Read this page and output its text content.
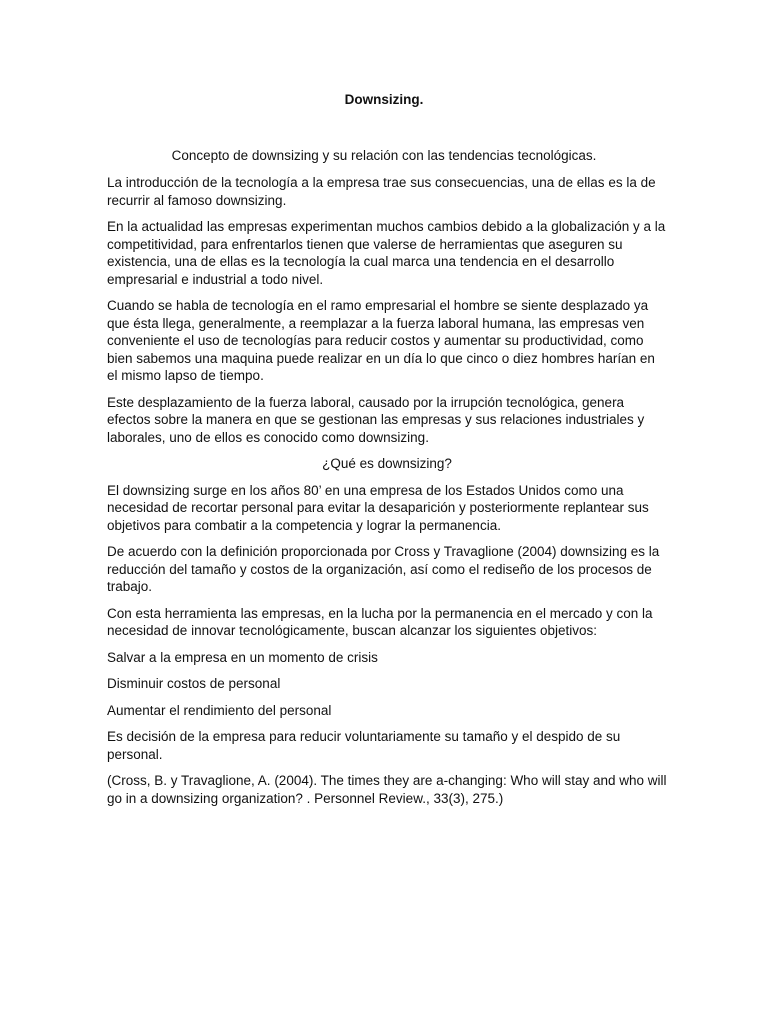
Downsizing.

Concepto de downsizing y su relación con las tendencias tecnológicas.

La introducción de la tecnología a la empresa trae sus consecuencias, una de ellas es la de recurrir al famoso downsizing.

En la actualidad las empresas experimentan muchos cambios debido a la globalización y a la competitividad, para enfrentarlos tienen que valerse de herramientas que aseguren su existencia, una de ellas es la tecnología la cual marca una tendencia en el desarrollo empresarial e industrial a todo nivel.

Cuando se habla de tecnología en el ramo empresarial el hombre se siente desplazado ya que ésta llega, generalmente, a reemplazar a la fuerza laboral humana, las empresas ven conveniente el uso de tecnologías para reducir costos y aumentar su productividad, como bien sabemos una maquina puede realizar en un día lo que cinco o diez hombres harían en el mismo lapso de tiempo.

Este desplazamiento de la fuerza laboral, causado por la irrupción tecnológica, genera efectos sobre la manera en que se gestionan las empresas y sus relaciones industriales y laborales, uno de ellos es conocido como downsizing.

¿Qué es downsizing?

El downsizing surge en los años 80’ en una empresa de los Estados Unidos como una necesidad de recortar personal para evitar la desaparición y posteriormente replantear sus objetivos para combatir a la competencia y lograr la permanencia.

De acuerdo con la definición proporcionada por Cross y Travaglione (2004) downsizing es la reducción del tamaño y costos de la organización, así como el rediseño de los procesos de trabajo.

Con esta herramienta las empresas, en la lucha por la permanencia en el mercado y con la necesidad de innovar tecnológicamente, buscan alcanzar los siguientes objetivos:

Salvar a la empresa en un momento de crisis

Disminuir costos de personal

Aumentar el rendimiento del personal

Es decisión de la empresa para reducir voluntariamente su tamaño y el despido de su personal.

(Cross, B. y Travaglione, A. (2004). The times they are a-changing: Who will stay and who will go in a downsizing organization? . Personnel Review., 33(3), 275.)
